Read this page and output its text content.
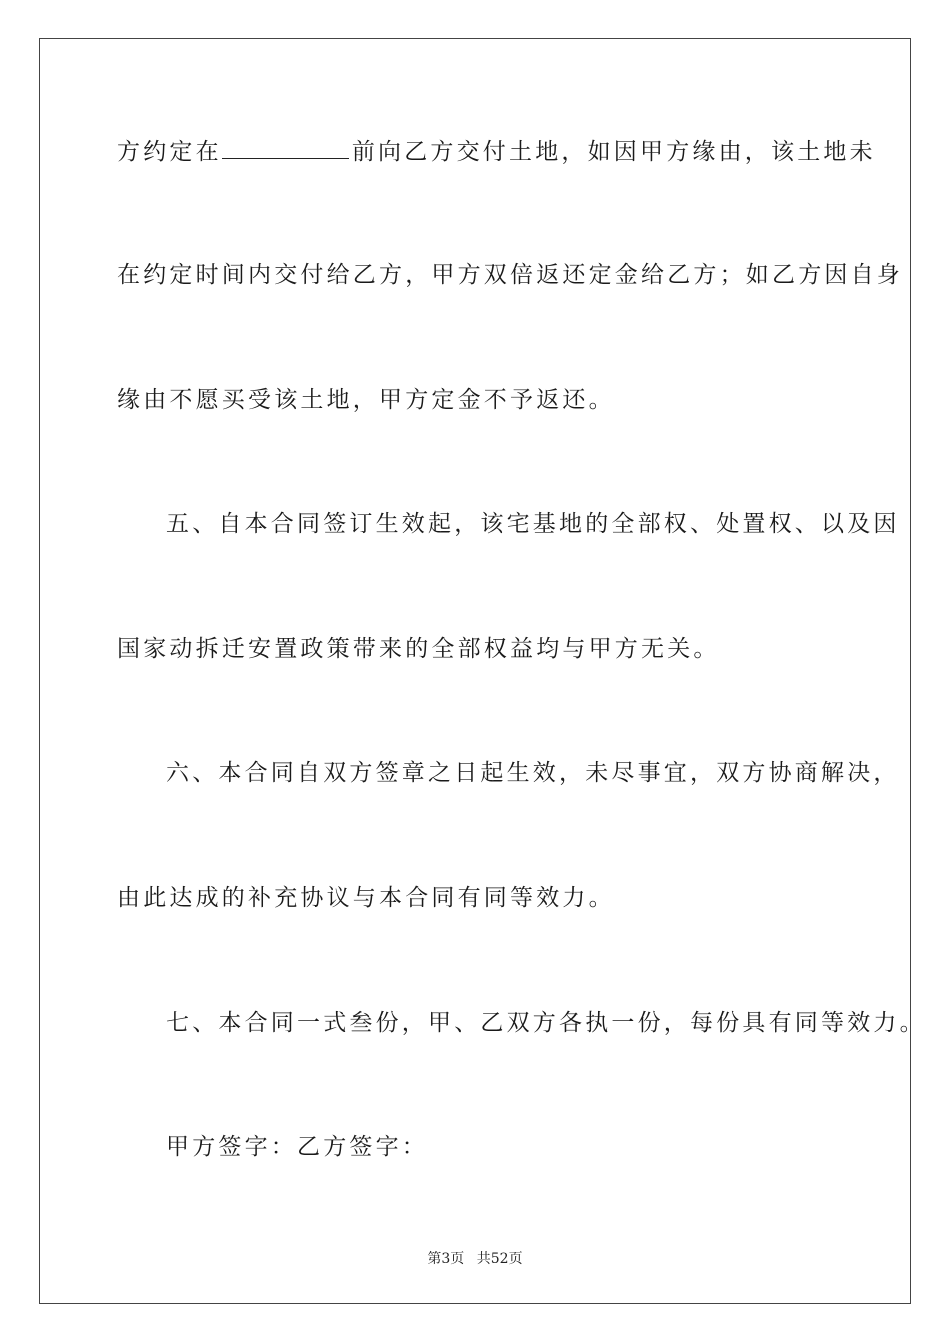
方约定在	前向乙方交付土地，如因甲方缘由，该土地未
在约定时间内交付给乙方，甲方双倍返还定金给乙方；如乙方因自身
缘由不愿买受该土地，甲方定金不予返还。
五、自本合同签订生效起，该宅基地的全部权、处置权、以及因
国家动拆迁安置政策带来的全部权益均与甲方无关。
六、本合同自双方签章之日起生效，未尽事宜，双方协商解决，
由此达成的补充协议与本合同有同等效力。
七、本合同一式叁份，甲、乙双方各执一份，每份具有同等效力。
甲方签字：乙方签字：
第3页 共52页
